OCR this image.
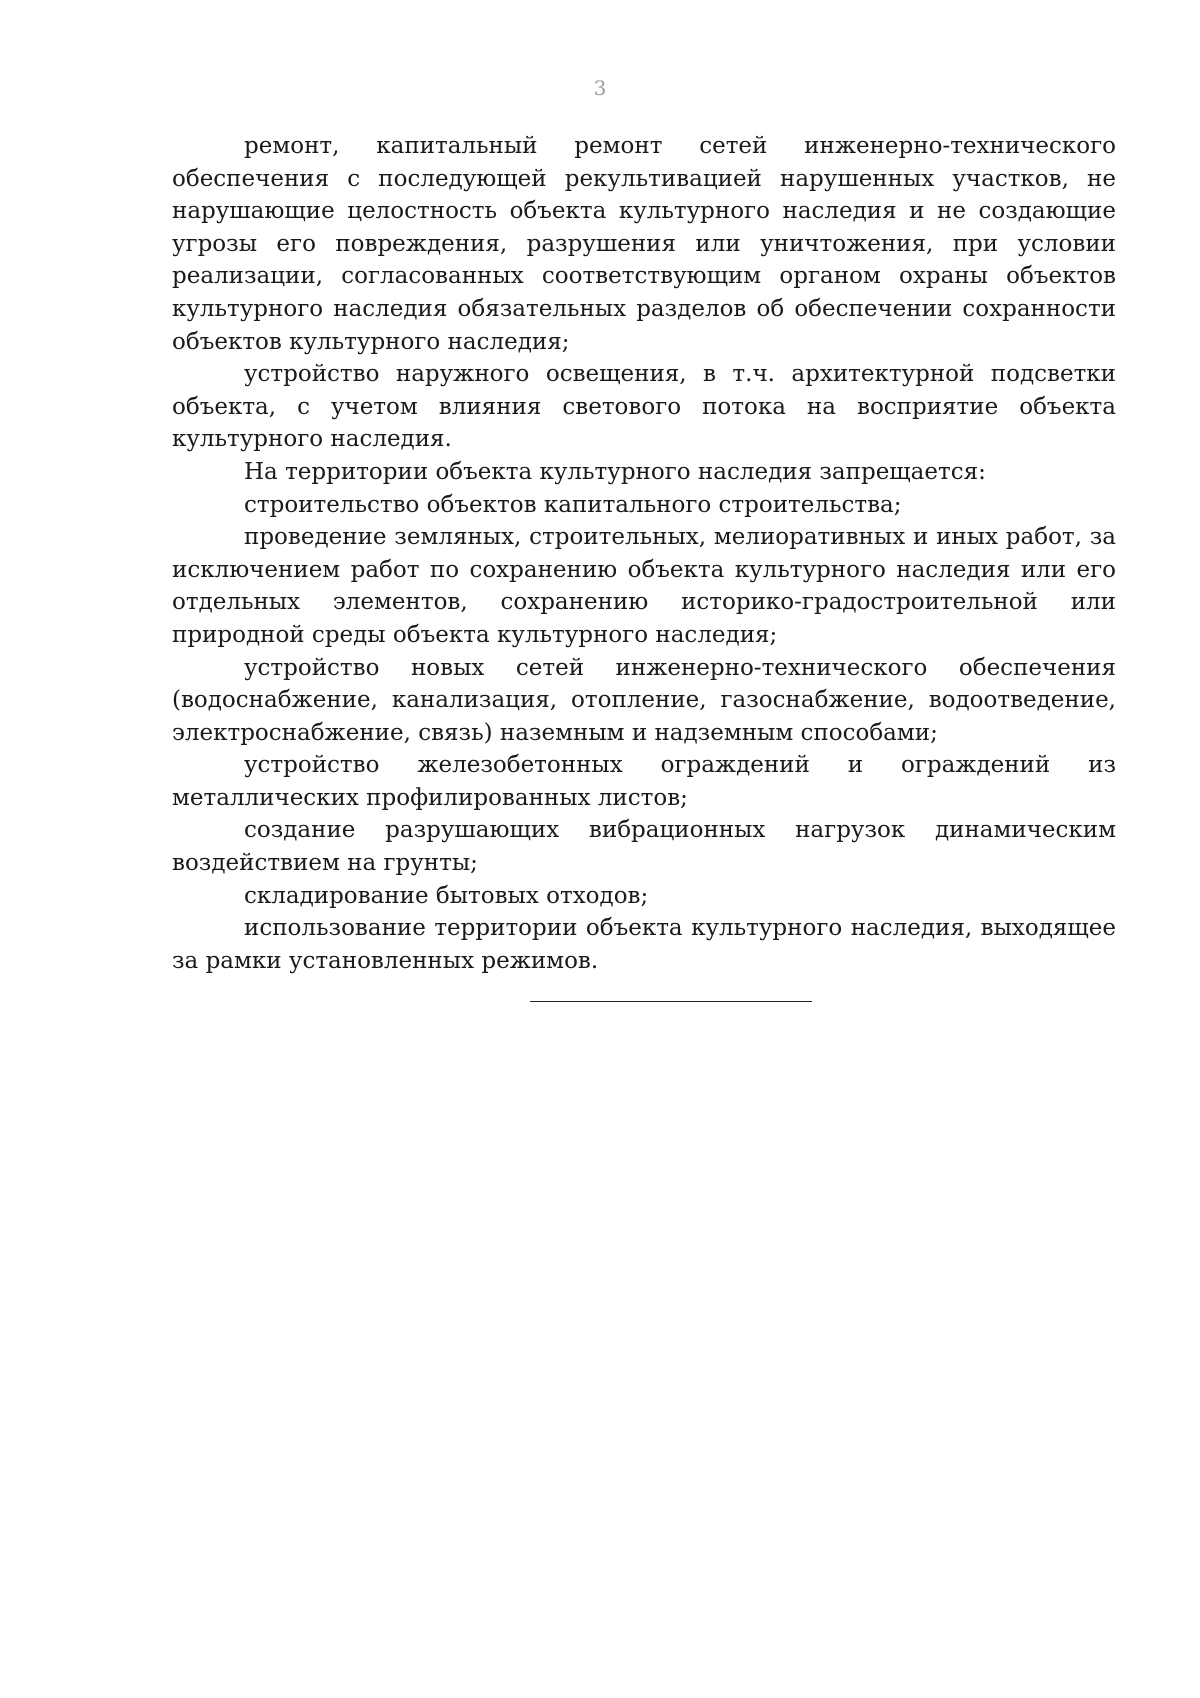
3

ремонт, капитальный ремонт сетей инженерно-технического обеспечения с последующей рекультивацией нарушенных участков, не нарушающие целостность объекта культурного наследия и не создающие угрозы его повреждения, разрушения или уничтожения, при условии реализации, согласованных соответствующим органом охраны объектов культурного наследия обязательных разделов об обеспечении сохранности объектов культурного наследия;

устройство наружного освещения, в т.ч. архитектурной подсветки объекта, с учетом влияния светового потока на восприятие объекта культурного наследия.

На территории объекта культурного наследия запрещается:

строительство объектов капитального строительства;

проведение земляных, строительных, мелиоративных и иных работ, за исключением работ по сохранению объекта культурного наследия или его отдельных элементов, сохранению историко-градостроительной или природной среды объекта культурного наследия;

устройство новых сетей инженерно-технического обеспечения (водоснабжение, канализация, отопление, газоснабжение, водоотведение, электроснабжение, связь) наземным и надземным способами;

устройство железобетонных ограждений и ограждений из металлических профилированных листов;

создание разрушающих вибрационных нагрузок динамическим воздействием на грунты;

складирование бытовых отходов;

использование территории объекта культурного наследия, выходящее за рамки установленных режимов.
